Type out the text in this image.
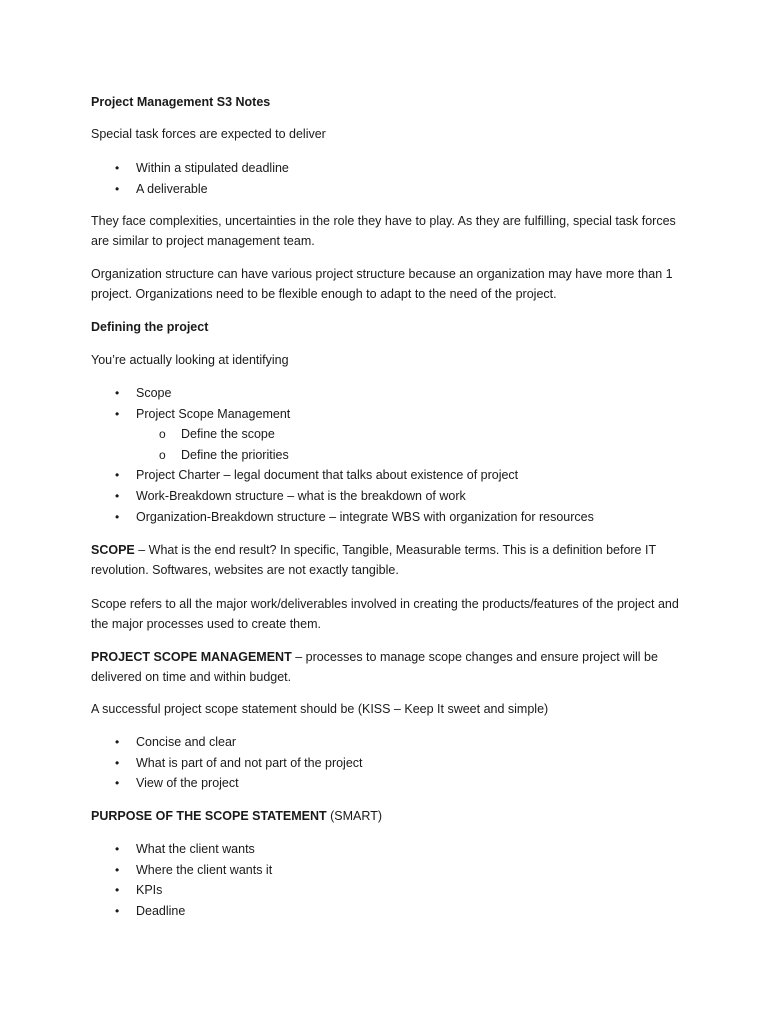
Project Management S3 Notes

Special task forces are expected to deliver

• Within a stipulated deadline
• A deliverable

They face complexities, uncertainties in the role they have to play. As they are fulfilling, special task forces are similar to project management team.

Organization structure can have various project structure because an organization may have more than 1 project. Organizations need to be flexible enough to adapt to the need of the project.

Defining the project

You’re actually looking at identifying

• Scope
• Project Scope Management
o Define the scope
o Define the priorities
• Project Charter – legal document that talks about existence of project
• Work-Breakdown structure – what is the breakdown of work
• Organization-Breakdown structure – integrate WBS with organization for resources

SCOPE – What is the end result? In specific, Tangible, Measurable terms. This is a definition before IT revolution. Softwares, websites are not exactly tangible.

Scope refers to all the major work/deliverables involved in creating the products/features of the project and the major processes used to create them.

PROJECT SCOPE MANAGEMENT – processes to manage scope changes and ensure project will be delivered on time and within budget.

A successful project scope statement should be (KISS – Keep It sweet and simple)

• Concise and clear
• What is part of and not part of the project
• View of the project

PURPOSE OF THE SCOPE STATEMENT (SMART)

• What the client wants
• Where the client wants it
• KPIs
• Deadline
